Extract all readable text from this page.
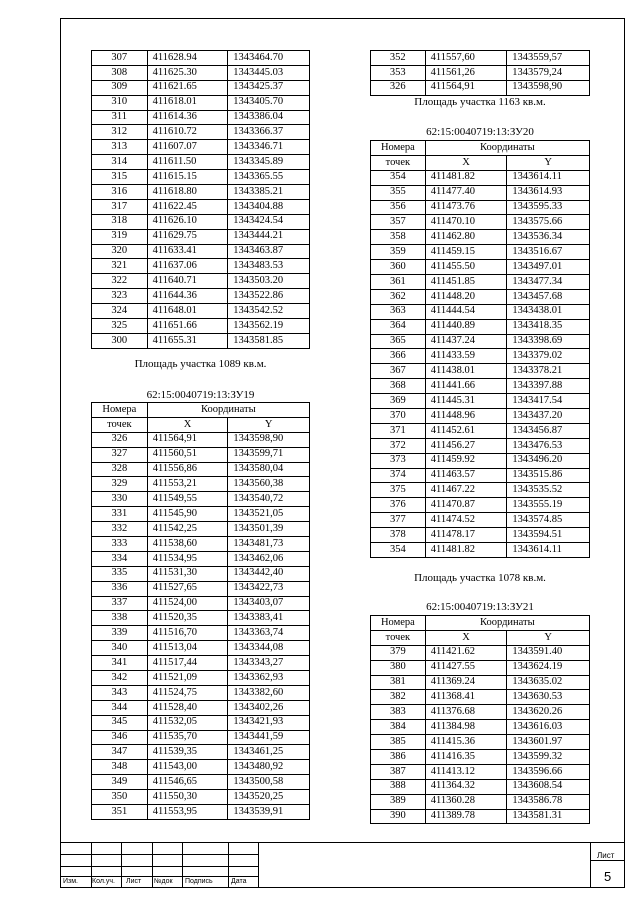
307	411628.94	1343464.70
308	411625.30	1343445.03
309	411621.65	1343425.37
310	411618.01	1343405.70
311	411614.36	1343386.04
312	411610.72	1343366.37
313	411607.07	1343346.71
314	411611.50	1343345.89
315	411615.15	1343365.55
316	411618.80	1343385.21
317	411622.45	1343404.88
318	411626.10	1343424.54
319	411629.75	1343444.21
320	411633.41	1343463.87
321	411637.06	1343483.53
322	411640.71	1343503.20
323	411644.36	1343522.86
324	411648.01	1343542.52
325	411651.66	1343562.19
300	411655.31	1343581.85
Площадь участка 1089 кв.м.
62:15:0040719:13:ЗУ19
Номера	Координаты	
точек	X	Y
326	411564,91	1343598,90
327	411560,51	1343599,71
328	411556,86	1343580,04
329	411553,21	1343560,38
330	411549,55	1343540,72
331	411545,90	1343521,05
332	411542,25	1343501,39
333	411538,60	1343481,73
334	411534,95	1343462,06
335	411531,30	1343442,40
336	411527,65	1343422,73
337	411524,00	1343403,07
338	411520,35	1343383,41
339	411516,70	1343363,74
340	411513,04	1343344,08
341	411517,44	1343343,27
342	411521,09	1343362,93
343	411524,75	1343382,60
344	411528,40	1343402,26
345	411532,05	1343421,93
346	411535,70	1343441,59
347	411539,35	1343461,25
348	411543,00	1343480,92
349	411546,65	1343500,58
350	411550,30	1343520,25
351	411553,95	1343539,91
352	411557,60	1343559,57
353	411561,26	1343579,24
326	411564,91	1343598,90
Площадь участка 1163 кв.м.
62:15:0040719:13:ЗУ20
Номера	Координаты	
точек	X	Y
354	411481.82	1343614.11
355	411477.40	1343614.93
356	411473.76	1343595.33
357	411470.10	1343575.66
358	411462.80	1343536.34
359	411459.15	1343516.67
360	411455.50	1343497.01
361	411451.85	1343477.34
362	411448.20	1343457.68
363	411444.54	1343438.01
364	411440.89	1343418.35
365	411437.24	1343398.69
366	411433.59	1343379.02
367	411438.01	1343378.21
368	411441.66	1343397.88
369	411445.31	1343417.54
370	411448.96	1343437.20
371	411452.61	1343456.87
372	411456.27	1343476.53
373	411459.92	1343496.20
374	411463.57	1343515.86
375	411467.22	1343535.52
376	411470.87	1343555.19
377	411474.52	1343574.85
378	411478.17	1343594.51
354	411481.82	1343614.11
Площадь участка 1078 кв.м.
62:15:0040719:13:ЗУ21
Номера	Координаты	
точек	X	Y
379	411421.62	1343591.40
380	411427.55	1343624.19
381	411369.24	1343635.02
382	411368.41	1343630.53
383	411376.68	1343620.26
384	411384.98	1343616.03
385	411415.36	1343601.97
386	411416.35	1343599.32
387	411413.12	1343596.66
388	411364.32	1343608.54
389	411360.28	1343586.78
390	411389.78	1343581.31
Изм. Кол.уч. Лист №док Подпись	Дата
Лист
5
